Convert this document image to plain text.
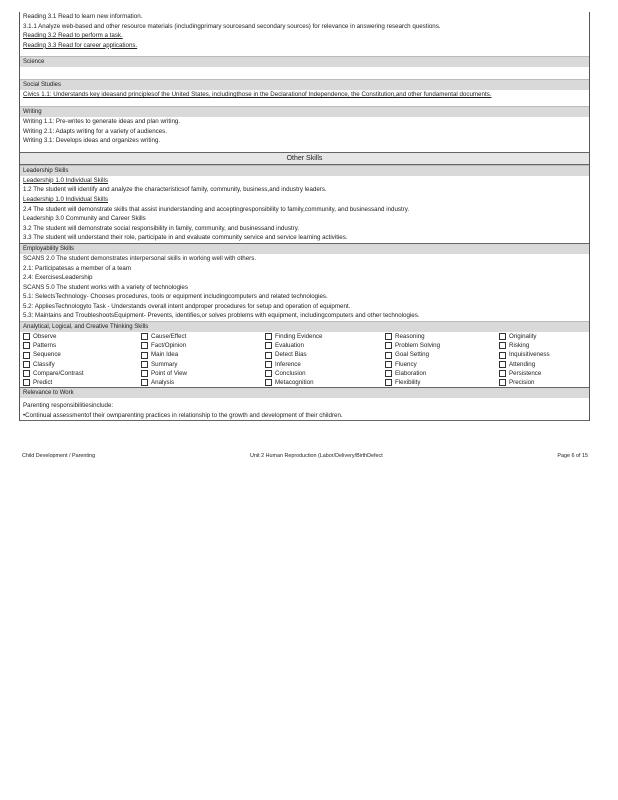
Reading 3.1 Read to learn new information.
3.1.1 Analyze web-based and other resource materials (includingprimary sourcesand secondary sources) for relevance in answering research questions.
Reading 3.2 Read to perform a task.
Reading 3.3 Read for career applications.
Science
Social Studies
Civics 1.1: Understands key ideasand principlesof the United States, includingthose in the Declarationof Independence, the Constitution,and other fundamental documents.
Writing
Writing 1.1: Pre-writes to generate ideas and plan writing.
Writing 2.1: Adapts writing for a variety of audiences.
Writing 3.1: Develops ideas and organizes writing.
Other Skills
Leadership Skills
Leadership 1.0 Individual Skills
1.2 The student will identify and analyze the characteristicsof family, community, business,and industry leaders.
Leadership 1.0 Individual Skills
2.4 The student will demonstrate skills that assist inunderstanding and acceptingresponsibility to family,community, and businessand industry.
Leadership 3.0 Community and Career Skills
3.2 The student will demonstrate social responsibility in family, community, and businessand industry.
3.3 The student will understand their role, participate in and evaluate community service and service learning activities.
Employability Skills
SCANS 2.0 The student demonstrates interpersonal skills in working well with others.
2.1: Participatesas a member of a team
2.4: ExercisesLeadership
SCANS 5.0 The student works with a variety of technologies
5.1: SelectsTechnology- Chooses procedures, tools or equipment includingcomputers and related technologies.
5.2: AppliesTechnologyto Task - Understands overall intent andproper procedures for setup and operation of equipment.
5.3: Maintains and TroubleshootsEquipment- Prevents, identifies,or solves problems with equipment, includingcomputers and other technologies.
Analytical, Logical, and Creative Thinking Skills
Observe	Cause/Effect	Finding Evidence	Reasoning	Originality
Patterns	Fact/Opinion	Evaluation	Problem Solving	Risking
Sequence	Main Idea	Detect Bias	Goal Setting	Inquisitiveness
Classify	Summary	Inference	Fluency	Attending
Compare/Contrast	Point of View	Conclusion	Elaboration	Persistence
Predict	Analysis	Metacognition	Flexibility	Precision
Relevance to Work
Parenting responsibilitiesinclude:
•Continual assessmentof their ownparenting practices in relationship to the growth and development of their children.
Child Development / Parenting	Unit 2 Human Reproduction (Labor/Delivery/BirthDefect	Page 6 of 15
